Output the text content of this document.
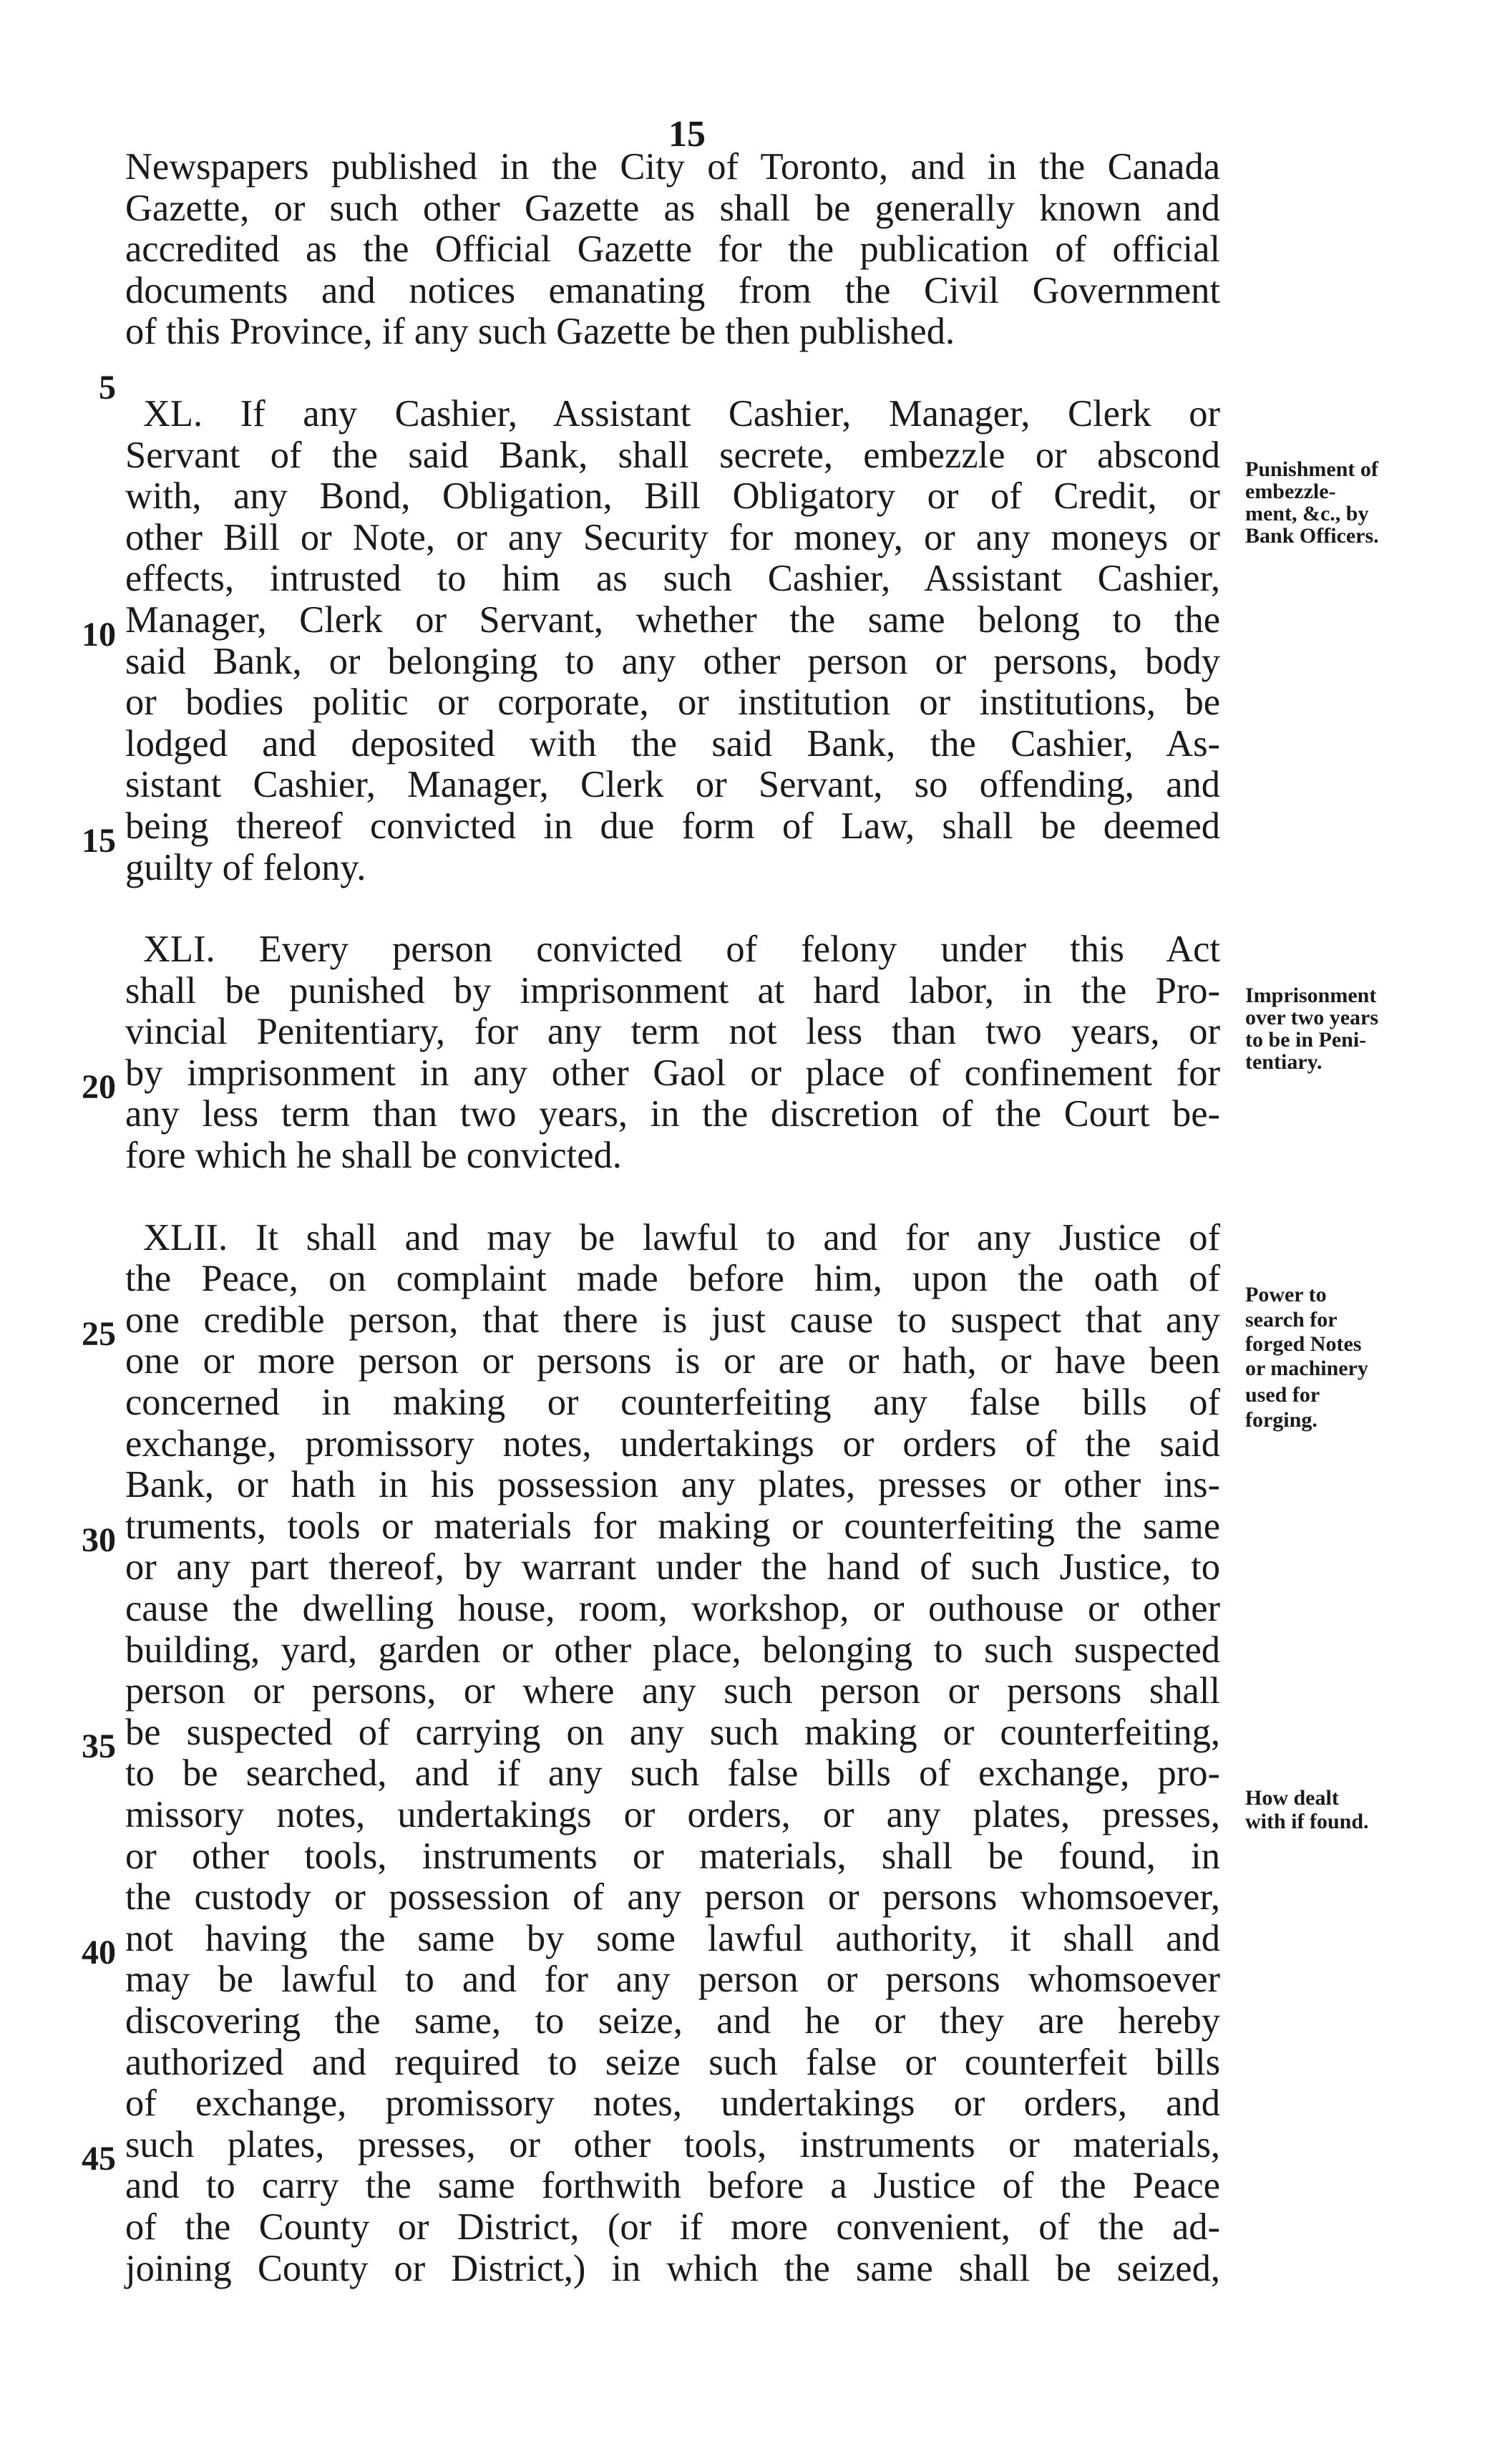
15
Newspapers published in the City of Toronto, and in the Canada
Gazette, or such other Gazette as shall be generally known and
accredited as the Official Gazette for the publication of official
documents and notices emanating from the Civil Government
of this Province, if any such Gazette be then published.
XL. If any Cashier, Assistant Cashier, Manager, Clerk or
Servant of the said Bank, shall secrete, embezzle or abscond
with, any Bond, Obligation, Bill Obligatory or of Credit, or
other Bill or Note, or any Security for money, or any moneys or
effects, intrusted to him as such Cashier, Assistant Cashier,
Manager, Clerk or Servant, whether the same belong to the
said Bank, or belonging to any other person or persons, body
or bodies politic or corporate, or institution or institutions, be
lodged and deposited with the said Bank, the Cashier, As-
sistant Cashier, Manager, Clerk or Servant, so offending, and
being thereof convicted in due form of Law, shall be deemed
guilty of felony.
XLI. Every person convicted of felony under this Act
shall be punished by imprisonment at hard labor, in the Pro-
vincial Penitentiary, for any term not less than two years, or
by imprisonment in any other Gaol or place of confinement for
any less term than two years, in the discretion of the Court be-
fore which he shall be convicted.
XLII. It shall and may be lawful to and for any Justice of
the Peace, on complaint made before him, upon the oath of
one credible person, that there is just cause to suspect that any
one or more person or persons is or are or hath, or have been
concerned in making or counterfeiting any false bills of
exchange, promissory notes, undertakings or orders of the said
Bank, or hath in his possession any plates, presses or other ins-
truments, tools or materials for making or counterfeiting the same
or any part thereof, by warrant under the hand of such Justice, to
cause the dwelling house, room, workshop, or outhouse or other
building, yard, garden or other place, belonging to such suspected
person or persons, or where any such person or persons shall
be suspected of carrying on any such making or counterfeiting,
to be searched, and if any such false bills of exchange, pro-
missory notes, undertakings or orders, or any plates, presses,
or other tools, instruments or materials, shall be found, in
the custody or possession of any person or persons whomsoever,
not having the same by some lawful authority, it shall and
may be lawful to and for any person or persons whomsoever
discovering the same, to seize, and he or they are hereby
authorized and required to seize such false or counterfeit bills
of exchange, promissory notes, undertakings or orders, and
such plates, presses, or other tools, instruments or materials,
and to carry the same forthwith before a Justice of the Peace
of the County or District, (or if more convenient, of the ad-
joining County or District,) in which the same shall be seized,
5
10
15
20
25
30
35
40
45
Punishment of
embezzle-
ment, &c., by
Bank Officers.
Imprisonment
over two years
to be in Peni-
tentiary.
Power to
search for
forged Notes
or machinery
used for
forging.
How dealt
with if found.
